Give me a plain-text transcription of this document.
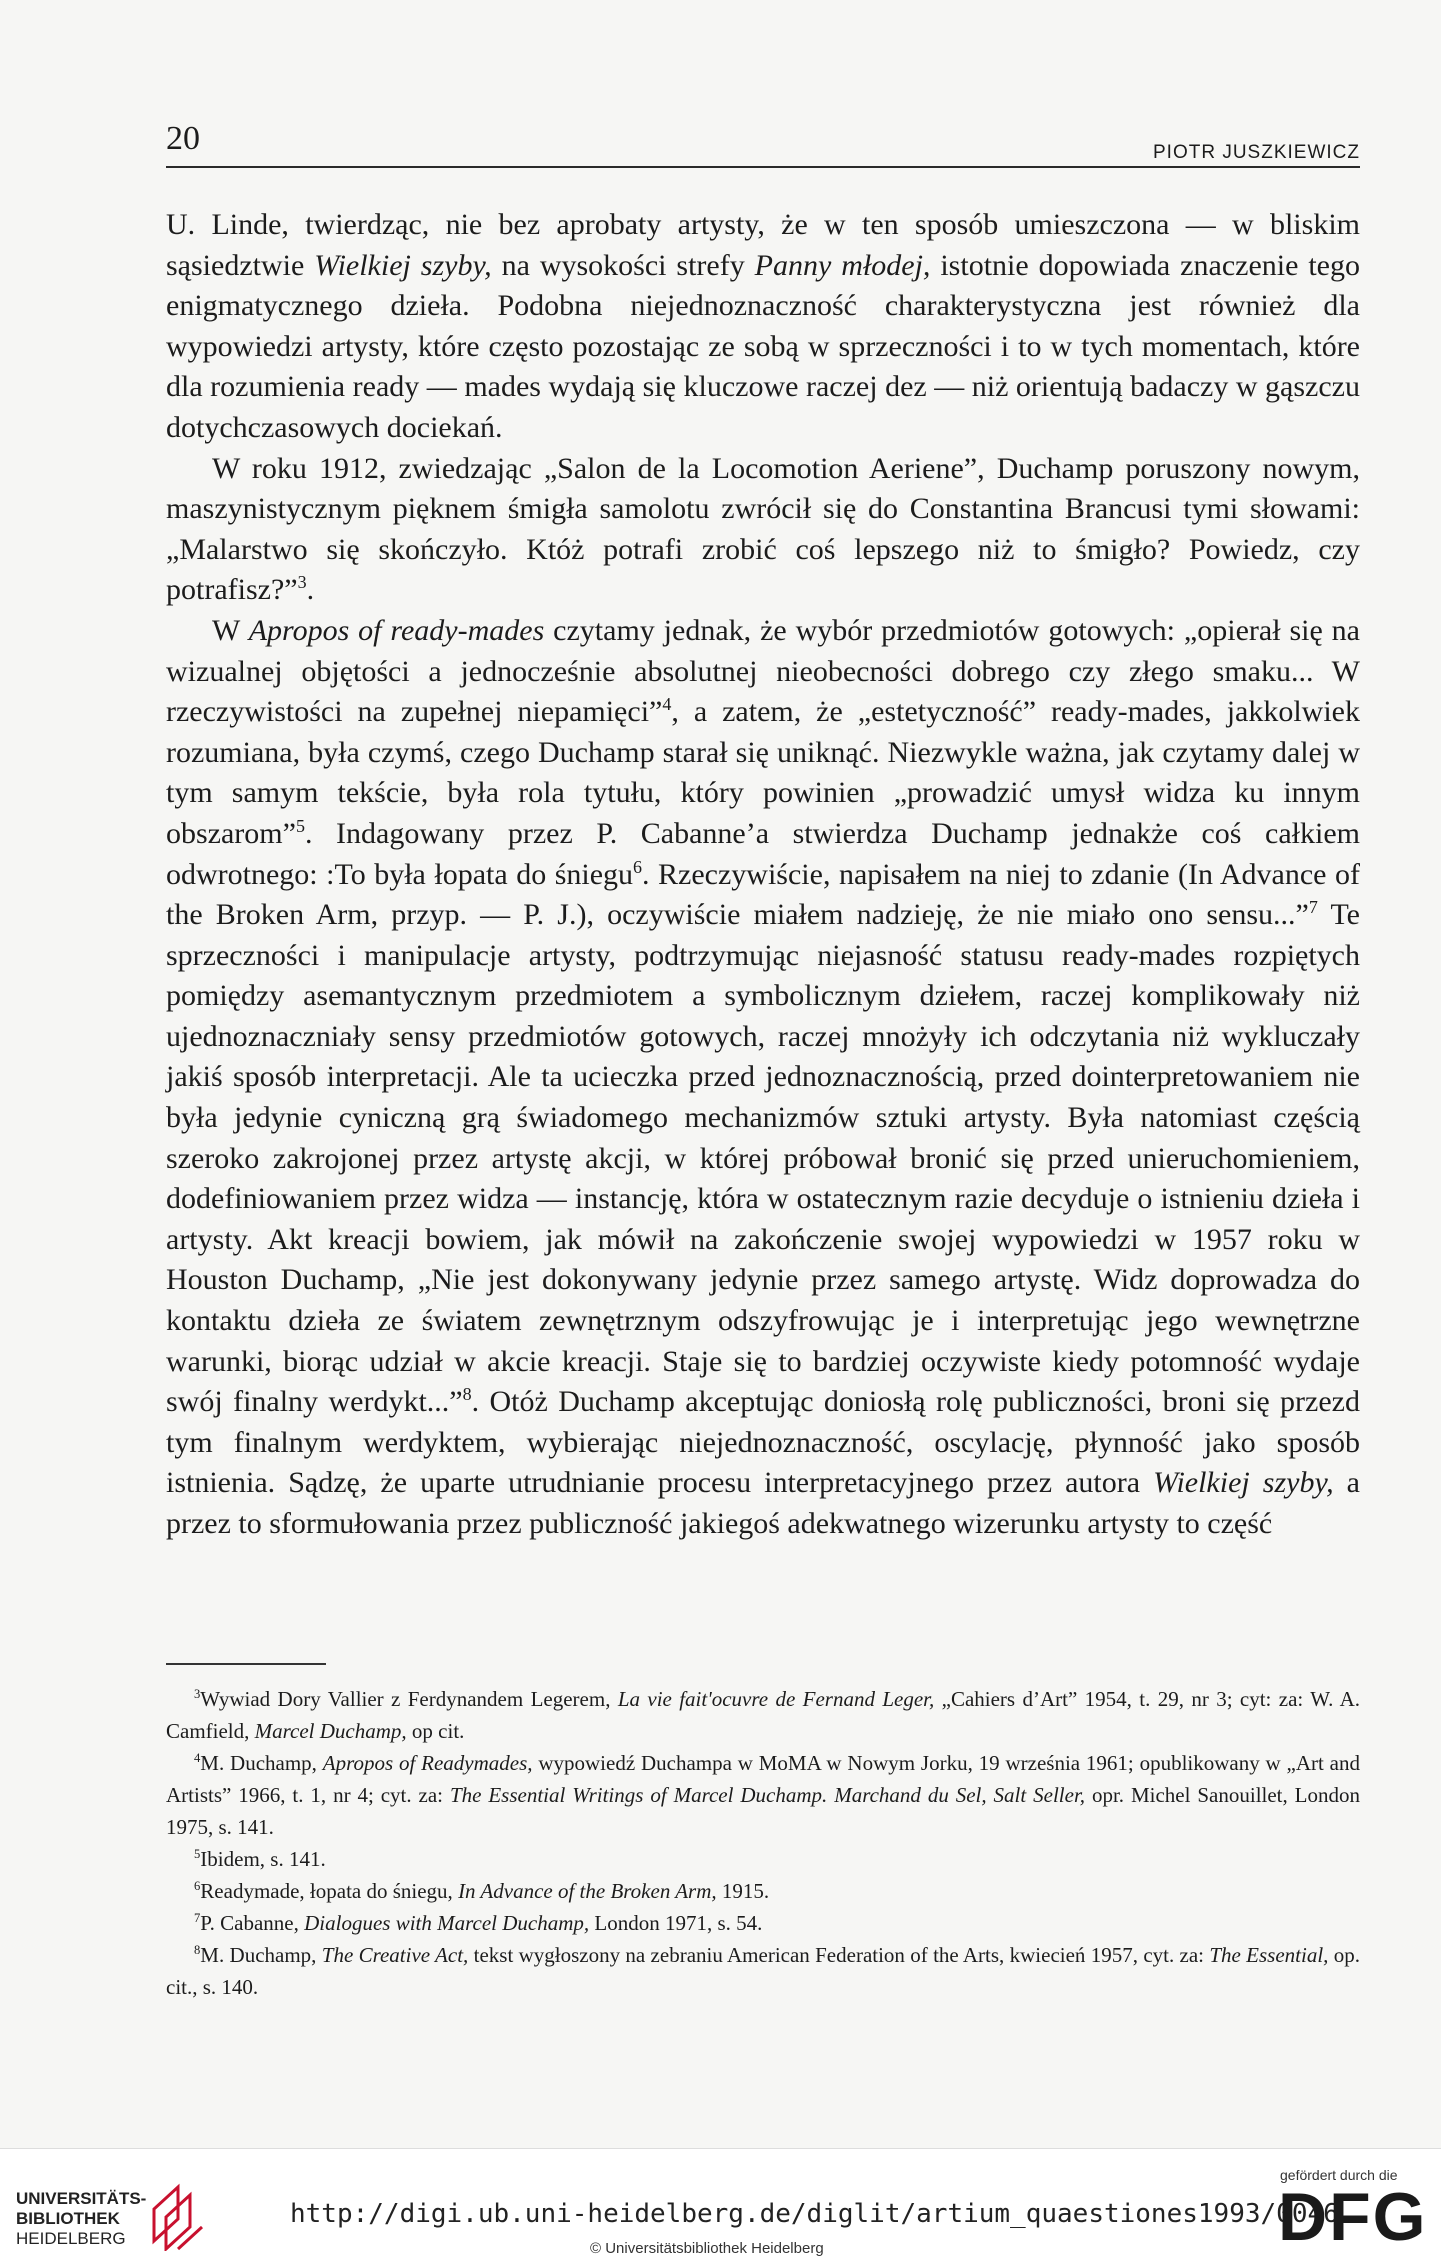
20	PIOTR JUSZKIEWICZ

U. Linde, twierdząc, nie bez aprobaty artysty, że w ten sposób umieszczona — w bliskim sąsiedztwie Wielkiej szyby, na wysokości strefy Panny młodej, istotnie dopowiada znaczenie tego enigmatycznego dzieła. Podobna niejednoznaczność charakterystyczna jest również dla wypowiedzi artysty, które często pozostając ze sobą w sprzeczności i to w tych momentach, które dla rozumienia ready — mades wydają się kluczowe raczej dez — niż orientują badaczy w gąszczu dotychczasowych dociekań.

W roku 1912, zwiedzając „Salon de la Locomotion Aeriene”, Duchamp poruszony nowym, maszynistycznym pięknem śmigła samolotu zwrócił się do Constantina Brancusi tymi słowami: „Malarstwo się skończyło. Któż potrafi zrobić coś lepszego niż to śmigło? Powiedz, czy potrafisz?”$^3$.

W Apropos of ready-mades czytamy jednak, że wybór przedmiotów gotowych: „opierał się na wizualnej objętości a jednocześnie absolutnej nieobecności dobrego czy złego smaku... W rzeczywistości na zupełnej niepamięci”$^4$, a zatem, że „estetyczność” ready-mades, jakkolwiek rozumiana, była czymś, czego Duchamp starał się uniknąć. Niezwykle ważna, jak czytamy dalej w tym samym tekście, była rola tytułu, który powinien „prowadzić umysł widza ku innym obszarom”$^5$. Indagowany przez P. Cabanne’a stwierdza Duchamp jednakże coś całkiem odwrotnego: :To była łopata do śniegu$^6$. Rzeczywiście, napisałem na niej to zdanie (In Advance of the Broken Arm, przyp. — P. J.), oczywiście miałem nadzieję, że nie miało ono sensu...”$^7$ Te sprzeczności i manipulacje artysty, podtrzymując niejasność statusu ready-mades rozpiętych pomiędzy asemantycznym przedmiotem a symbolicznym dziełem, raczej komplikowały niż ujednoznaczniały sensy przedmiotów gotowych, raczej mnożyły ich odczytania niż wykluczały jakiś sposób interpretacji. Ale ta ucieczka przed jednoznacznością, przed dointerpretowaniem nie była jedynie cyniczną grą świadomego mechanizmów sztuki artysty. Była natomiast częścią szeroko zakrojonej przez artystę akcji, w której próbował bronić się przed unieruchomieniem, dodefiniowaniem przez widza — instancję, która w ostatecznym razie decyduje o istnieniu dzieła i artysty. Akt kreacji bowiem, jak mówił na zakończenie swojej wypowiedzi w 1957 roku w Houston Duchamp, „Nie jest dokonywany jedynie przez samego artystę. Widz doprowadza do kontaktu dzieła ze światem zewnętrznym odszyfrowując je i interpretując jego wewnętrzne warunki, biorąc udział w akcie kreacji. Staje się to bardziej oczywiste kiedy potomność wydaje swój finalny werdykt...”$^8$. Otóż Duchamp akceptując doniosłą rolę publiczności, broni się przezd tym finalnym werdyktem, wybierając niejednoznaczność, oscylację, płynność jako sposób istnienia. Sądzę, że uparte utrudnianie procesu interpretacyjnego przez autora Wielkiej szyby, a przez to sformułowania przez publiczność jakiegoś adekwatnego wizerunku artysty to część

$^3$Wywiad Dory Vallier z Ferdynandem Legerem, La vie fait'ocuvre de Fernand Leger, „Cahiers d’Art” 1954, t. 29, nr 3; cyt: za: W. A. Camfield, Marcel Duchamp, op cit.

$^4$M. Duchamp, Apropos of Readymades, wypowiedź Duchampa w MoMA w Nowym Jorku, 19 września 1961; opublikowany w „Art and Artists” 1966, t. 1, nr 4; cyt. za: The Essential Writings of Marcel Duchamp. Marchand du Sel, Salt Seller, opr. Michel Sanouillet, London 1975, s. 141.

$^5$Ibidem, s. 141.

$^6$Readymade, łopata do śniegu, In Advance of the Broken Arm, 1915.

$^7$P. Cabanne, Dialogues with Marcel Duchamp, London 1971, s. 54.

$^8$M. Duchamp, The Creative Act, tekst wygłoszony na zebraniu American Federation of the Arts, kwiecień 1957, cyt. za: The Essential, op. cit., s. 140.

UNIVERSITÄTS-
BIBLIOTHEK
HEIDELBERG
http://digi.ub.uni-heidelberg.de/diglit/artium_quaestiones1993/0046
© Universitätsbibliothek Heidelberg
gefördert durch die
DFG
